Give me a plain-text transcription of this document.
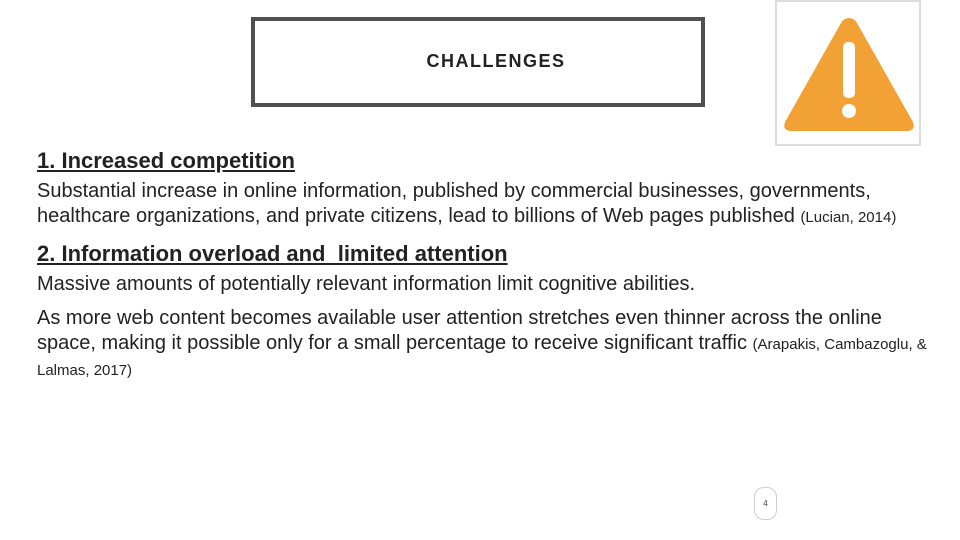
CHALLENGES
1. Increased competition
Substantial increase in online information, published by commercial businesses, governments, healthcare organizations, and private citizens, lead to billions of Web pages published (Lucian, 2014)
2. Information overload and  limited attention
Massive amounts of potentially relevant information limit cognitive abilities.
As more web content becomes available user attention stretches even thinner across the online space, making it possible only for a small percentage to receive significant traffic (Arapakis, Cambazoglu, & Lalmas, 2017)
4
